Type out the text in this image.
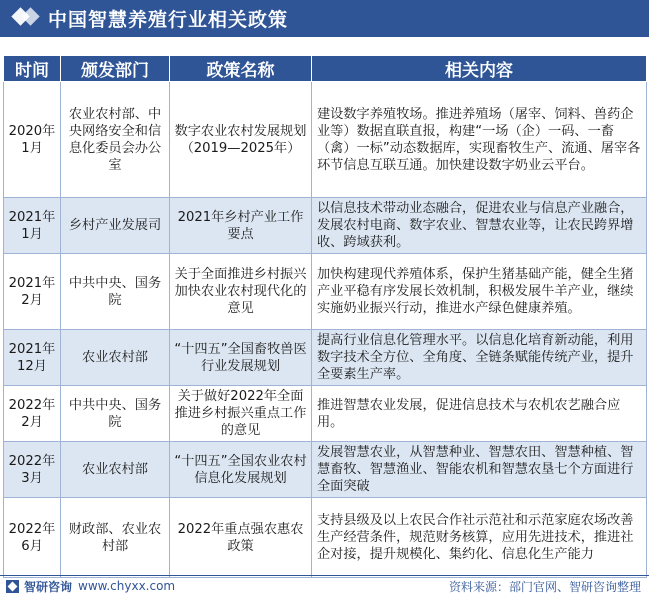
中国智慧养殖行业相关政策
时间	颁发部门	政策名称	相关内容
2020年1月	农业农村部、中央网络安全和信息化委员会办公室	数字农业农村发展规划（2019—2025年）	建设数字养殖牧场。推进养殖场（屠宰、饲料、兽药企业等）数据直联直报，构建“一场（企）一码、一畜（禽）一标”动态数据库，实现畜牧生产、流通、屠宰各环节信息互联互通。加快建设数字奶业云平台。
2021年1月	乡村产业发展司	2021年乡村产业工作要点	以信息技术带动业态融合，促进农业与信息产业融合，发展农村电商、数字农业、智慧农业等，让农民跨界增收、跨域获利。
2021年2月	中共中央、国务院	关于全面推进乡村振兴加快农业农村现代化的意见	加快构建现代养殖体系，保护生猪基础产能，健全生猪产业平稳有序发展长效机制，积极发展牛羊产业，继续实施奶业振兴行动，推进水产绿色健康养殖。
2021年12月	农业农村部	“十四五”全国畜牧兽医行业发展规划	提高行业信息化管理水平。以信息化培育新动能，利用数字技术全方位、全角度、全链条赋能传统产业，提升全要素生产率。
2022年2月	中共中央、国务院	关于做好2022年全面推进乡村振兴重点工作的意见	推进智慧农业发展，促进信息技术与农机农艺融合应用。
2022年3月	农业农村部	“十四五”全国农业农村信息化发展规划	发展智慧农业，从智慧种业、智慧农田、智慧种植、智慧畜牧、智慧渔业、智能农机和智慧农垦七个方面进行全面突破
2022年6月	财政部、农业农村部	2022年重点强农惠农政策	支持县级及以上农民合作社示范社和示范家庭农场改善生产经营条件，规范财务核算，应用先进技术，推进社企对接，提升规模化、集约化、信息化生产能力
智研咨询 www.chyxx.com	资料来源：部门官网、智研咨询整理
